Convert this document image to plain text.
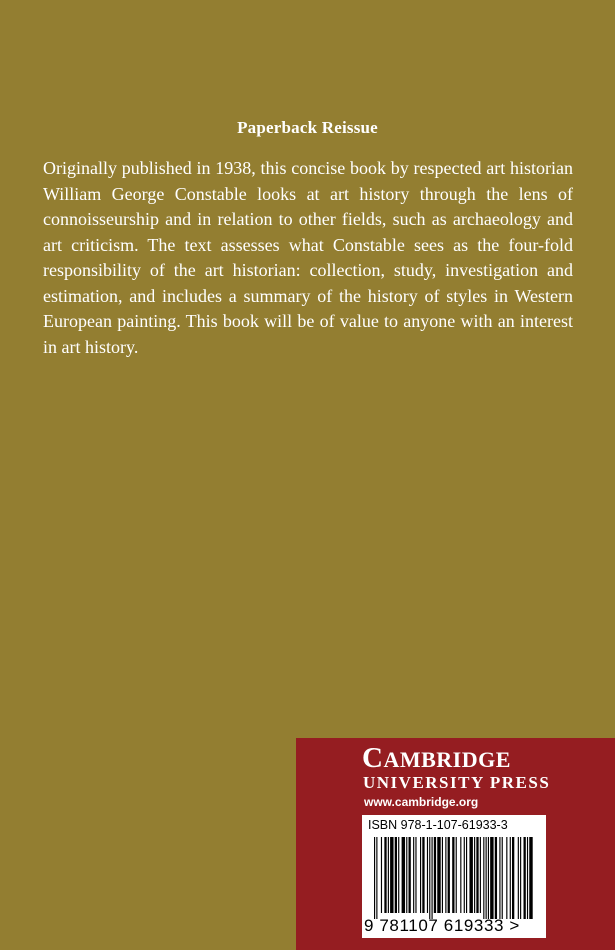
Paperback Reissue

Originally published in 1938, this concise book by respected art historian William George Constable looks at art history through the lens of connoisseurship and in relation to other fields, such as archaeology and art criticism. The text assesses what Constable sees as the four-fold responsibility of the art historian: collection, study, investigation and estimation, and includes a summary of the history of styles in Western European painting. This book will be of value to anyone with an interest in art history.

CAMBRIDGE
UNIVERSITY PRESS
www.cambridge.org
ISBN 978-1-107-61933-3
9 781107 619333 >
